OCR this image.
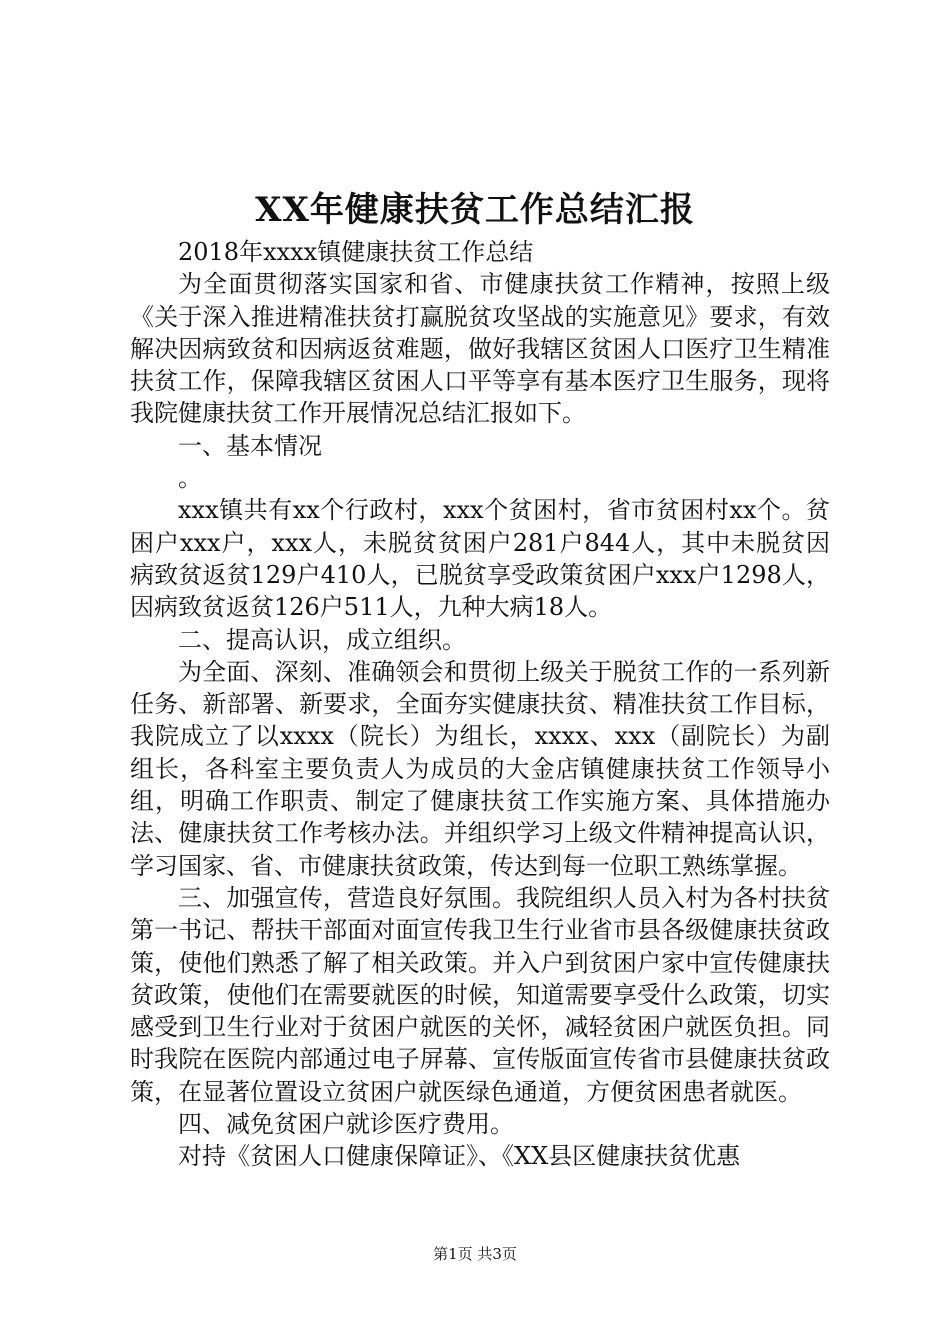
XX年健康扶贫工作总结汇报

2018年xxxx镇健康扶贫工作总结

为全面贯彻落实国家和省、市健康扶贫工作精神，按照上级《关于深入推进精准扶贫打赢脱贫攻坚战的实施意见》要求，有效解决因病致贫和因病返贫难题，做好我辖区贫困人口医疗卫生精准扶贫工作，保障我辖区贫困人口平等享有基本医疗卫生服务，现将我院健康扶贫工作开展情况总结汇报如下。

一、基本情况

。

xxx镇共有xx个行政村，xxx个贫困村，省市贫困村xx个。贫困户xxx户，xxx人，未脱贫贫困户281户844人，其中未脱贫因病致贫返贫129户410人，已脱贫享受政策贫困户xxx户1298人，因病致贫返贫126户511人，九种大病18人。

二、提高认识，成立组织。

为全面、深刻、准确领会和贯彻上级关于脱贫工作的一系列新任务、新部署、新要求，全面夯实健康扶贫、精准扶贫工作目标，我院成立了以xxxx（院长）为组长，xxxx、xxx（副院长）为副组长，各科室主要负责人为成员的大金店镇健康扶贫工作领导小组，明确工作职责、制定了健康扶贫工作实施方案、具体措施办法、健康扶贫工作考核办法。并组织学习上级文件精神提高认识，学习国家、省、市健康扶贫政策，传达到每一位职工熟练掌握。

三、加强宣传，营造良好氛围。我院组织人员入村为各村扶贫第一书记、帮扶干部面对面宣传我卫生行业省市县各级健康扶贫政策，使他们熟悉了解了相关政策。并入户到贫困户家中宣传健康扶贫政策，使他们在需要就医的时候，知道需要享受什么政策，切实感受到卫生行业对于贫困户就医的关怀，减轻贫困户就医负担。同时我院在医院内部通过电子屏幕、宣传版面宣传省市县健康扶贫政策，在显著位置设立贫困户就医绿色通道，方便贫困患者就医。

四、减免贫困户就诊医疗费用。

对持《贫困人口健康保障证》、《XX县区健康扶贫优惠

第1页 共3页
